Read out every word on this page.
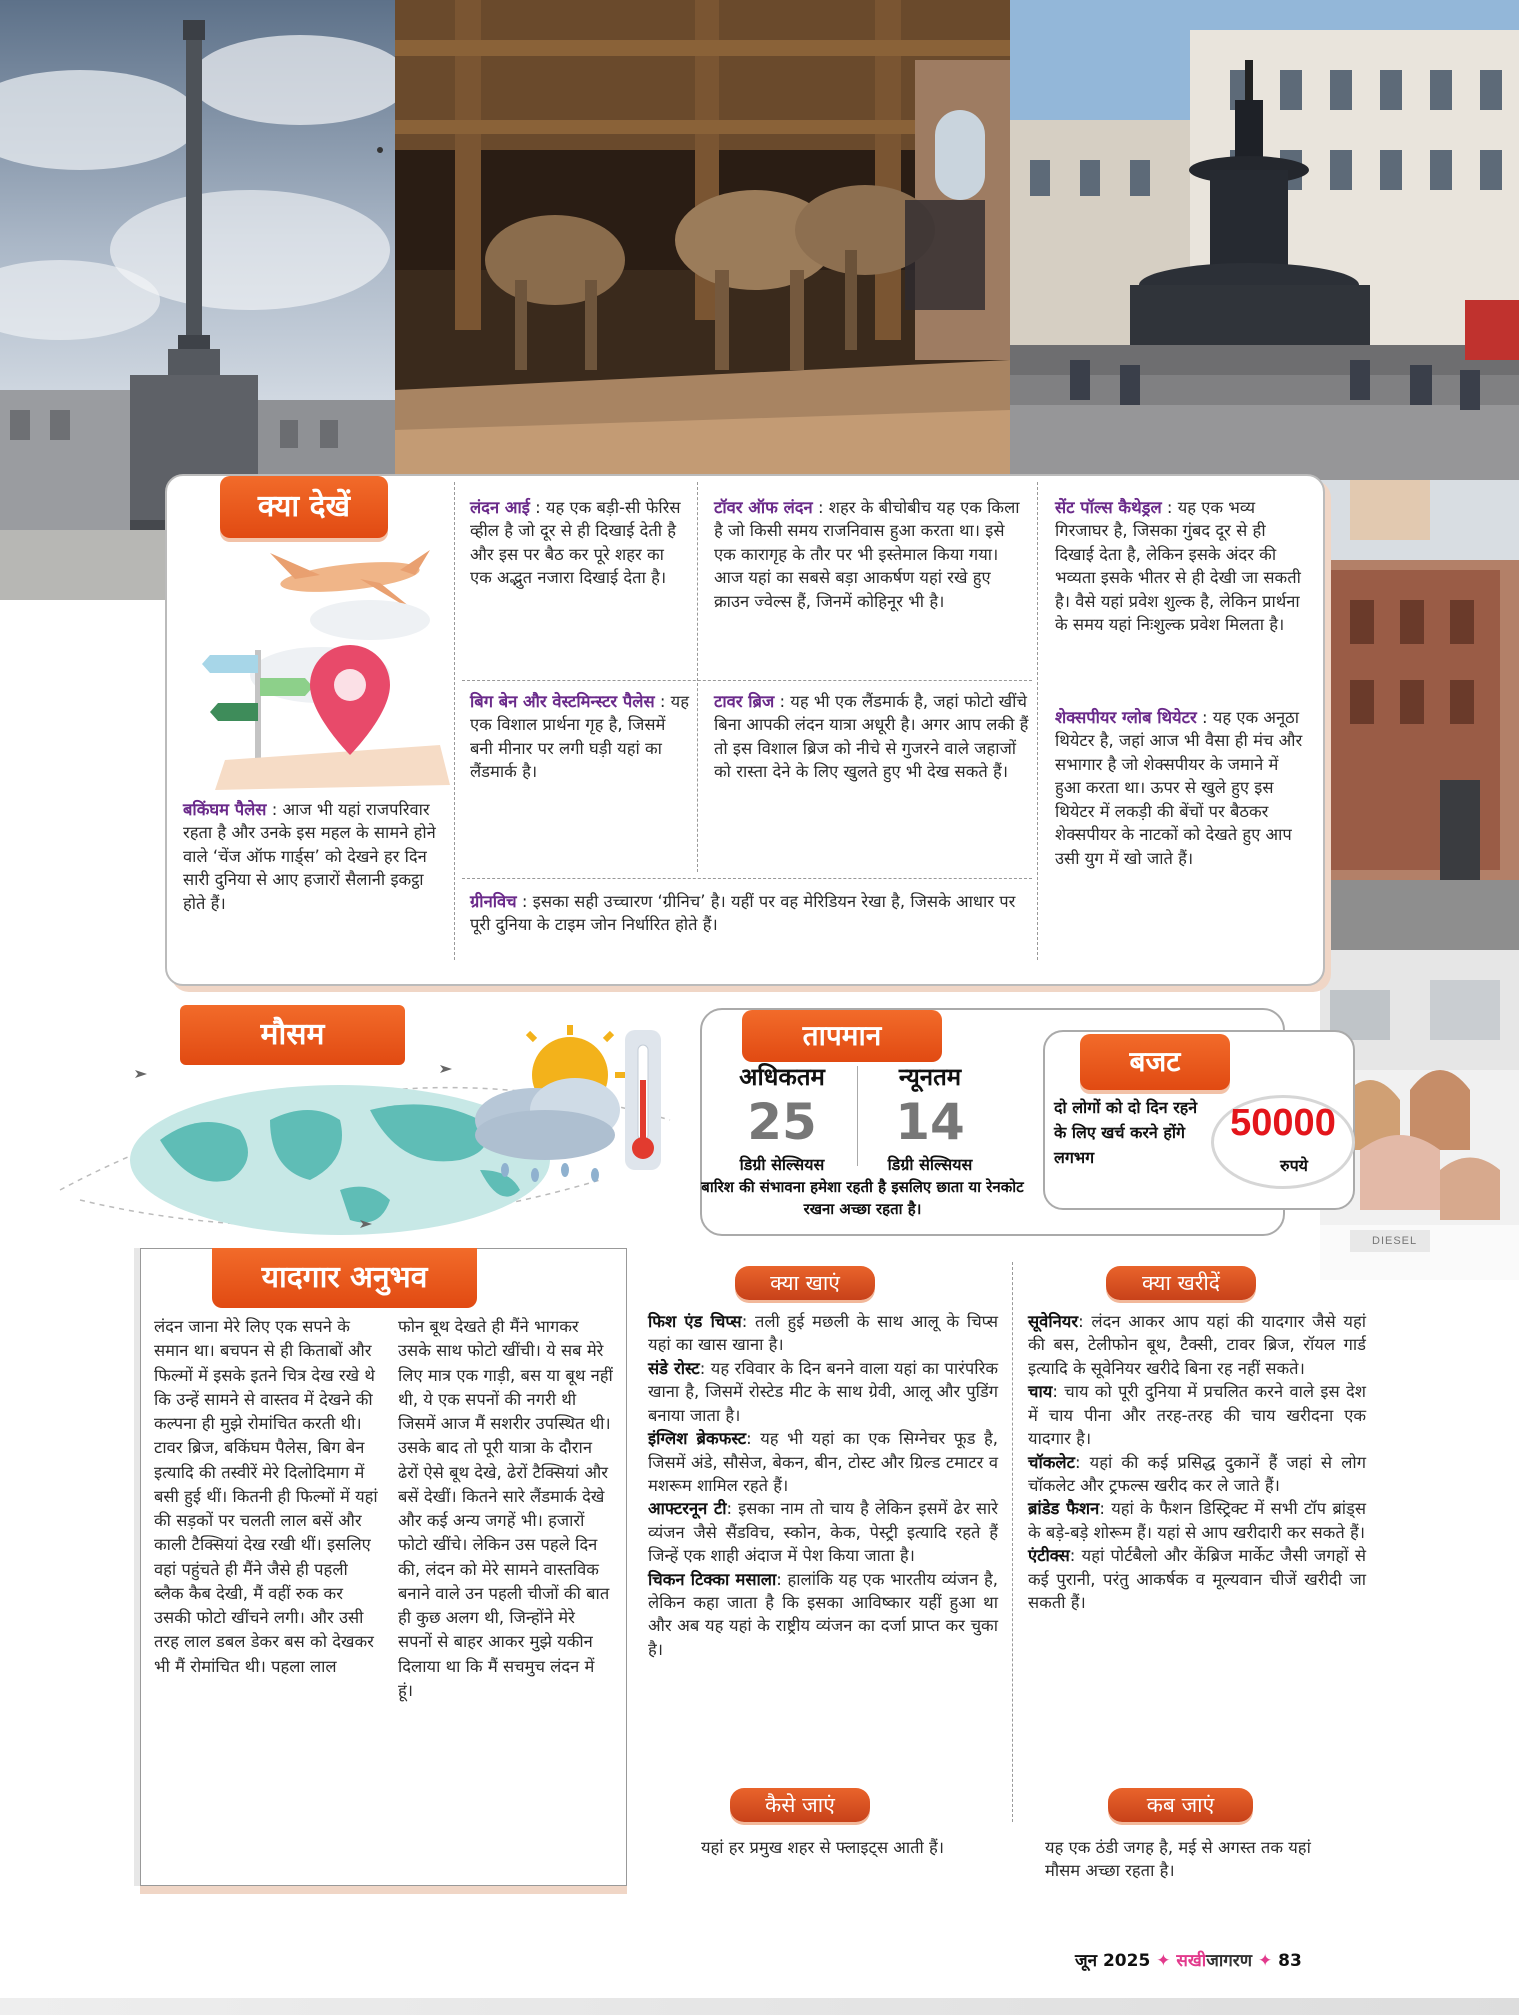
DIESEL
क्या देखें
बकिंघम पैलेस : आज भी यहां राजपरिवार रहता है और उनके इस महल के सामने होने वाले ‘चेंज ऑफ गार्ड्स’ को देखने हर दिन सारी दुनिया से आए हजारों सैलानी इकट्ठा होते हैं।
लंदन आई : यह एक बड़ी-सी फेरिस व्हील है जो दूर से ही दिखाई देती है और इस पर बैठ कर पूरे शहर का एक अद्भुत नजारा दिखाई देता है।
टॉवर ऑफ लंदन : शहर के बीचोबीच यह एक किला है जो किसी समय राजनिवास हुआ करता था। इसे एक कारागृह के तौर पर भी इस्तेमाल किया गया। आज यहां का सबसे बड़ा आकर्षण यहां रखे हुए क्राउन ज्वेल्स हैं, जिनमें कोहिनूर भी है।
सेंट पॉल्स कैथेड्रल : यह एक भव्य गिरजाघर है, जिसका गुंबद दूर से ही दिखाई देता है, लेकिन इसके अंदर की भव्यता इसके भीतर से ही देखी जा सकती है। वैसे यहां प्रवेश शुल्क है, लेकिन प्रार्थना के समय यहां निःशुल्क प्रवेश मिलता है।
बिग बेन और वेस्टमिन्स्टर पैलेस : यह एक विशाल प्रार्थना गृह है, जिसमें बनी मीनार पर लगी घड़ी यहां का लैंडमार्क है।
टावर ब्रिज : यह भी एक लैंडमार्क है, जहां फोटो खींचे बिना आपकी लंदन यात्रा अधूरी है। अगर आप लकी हैं तो इस विशाल ब्रिज को नीचे से गुजरने वाले जहाजों को रास्ता देने के लिए खुलते हुए भी देख सकते हैं।
शेक्सपीयर ग्लोब थियेटर : यह एक अनूठा थियेटर है, जहां आज भी वैसा ही मंच और सभागार है जो शेक्सपीयर के जमाने में हुआ करता था। ऊपर से खुले हुए इस थियेटर में लकड़ी की बेंचों पर बैठकर शेक्सपीयर के नाटकों को देखते हुए आप उसी युग में खो जाते हैं।
ग्रीनविच : इसका सही उच्चारण ‘ग्रीनिच’ है। यहीं पर वह मेरिडियन रेखा है, जिसके आधार पर पूरी दुनिया के टाइम जोन निर्धारित होते हैं।
मौसम	तापमान
अधिकतम
25
डिग्री सेल्सियस
न्यूनतम
14
डिग्री सेल्सियस
बारिश की संभावना हमेशा रहती है इसलिए छाता या रेनकोट रखना अच्छा रहता है।
बजट
दो लोगों को दो दिन रहने के लिए खर्च करने होंगे लगभग
50000
रुपये
यादगार अनुभव
लंदन जाना मेरे लिए एक सपने के समान था। बचपन से ही किताबों और फिल्मों में इसके इतने चित्र देख रखे थे कि उन्हें सामने से वास्तव में देखने की कल्पना ही मुझे रोमांचित करती थी। टावर ब्रिज, बकिंघम पैलेस, बिग बेन इत्यादि की तस्वीरें मेरे दिलोदिमाग में बसी हुई थीं। कितनी ही फिल्मों में यहां की सड़कों पर चलती लाल बसें और काली टैक्सियां देख रखी थीं। इसलिए वहां पहुंचते ही मैंने जैसे ही पहली ब्लैक कैब देखी, मैं वहीं रुक कर उसकी फोटो खींचने लगी। और उसी तरह लाल डबल डेकर बस को देखकर भी मैं रोमांचित थी। पहला लाल
फोन बूथ देखते ही मैंने भागकर उसके साथ फोटो खींची। ये सब मेरे लिए मात्र एक गाड़ी, बस या बूथ नहीं थी, ये एक सपनों की नगरी थी जिसमें आज मैं सशरीर उपस्थित थी। उसके बाद तो पूरी यात्रा के दौरान ढेरों ऐसे बूथ देखे, ढेरों टैक्सियां और बसें देखीं। कितने सारे लैंडमार्क देखे और कई अन्य जगहें भी। हजारों फोटो खींचे। लेकिन उस पहले दिन की, लंदन को मेरे सामने वास्तविक बनाने वाले उन पहली चीजों की बात ही कुछ अलग थी, जिन्होंने मेरे सपनों से बाहर आकर मुझे यकीन दिलाया था कि मैं सचमुच लंदन में हूं।
क्या खाएं
फिश एंड चिप्स: तली हुई मछली के साथ आलू के चिप्स यहां का खास खाना है।
संडे रोस्ट: यह रविवार के दिन बनने वाला यहां का पारंपरिक खाना है, जिसमें रोस्टेड मीट के साथ ग्रेवी, आलू और पुडिंग बनाया जाता है।
इंग्लिश ब्रेकफस्ट: यह भी यहां का एक सिग्नेचर फूड है, जिसमें अंडे, सौसेज, बेकन, बीन, टोस्ट और ग्रिल्ड टमाटर व मशरूम शामिल रहते हैं।
आफ्टरनून टी: इसका नाम तो चाय है लेकिन इसमें ढेर सारे व्यंजन जैसे सैंडविच, स्कोन, केक, पेस्ट्री इत्यादि रहते हैं जिन्हें एक शाही अंदाज में पेश किया जाता है।
चिकन टिक्का मसाला: हालांकि यह एक भारतीय व्यंजन है, लेकिन कहा जाता है कि इसका आविष्कार यहीं हुआ था और अब यह यहां के राष्ट्रीय व्यंजन का दर्जा प्राप्त कर चुका है।
कैसे जाएं
यहां हर प्रमुख शहर से फ्लाइट्स आती हैं।
क्या खरीदें
सूवेनियर: लंदन आकर आप यहां की यादगार जैसे यहां की बस, टेलीफोन बूथ, टैक्सी, टावर ब्रिज, रॉयल गार्ड इत्यादि के सूवेनियर खरीदे बिना रह नहीं सकते।
चाय: चाय को पूरी दुनिया में प्रचलित करने वाले इस देश में चाय पीना और तरह-तरह की चाय खरीदना एक यादगार है।
चॉकलेट: यहां की कई प्रसिद्ध दुकानें हैं जहां से लोग चॉकलेट और ट्रफल्स खरीद कर ले जाते हैं।
ब्रांडेड फैशन: यहां के फैशन डिस्ट्रिक्ट में सभी टॉप ब्रांड्स के बड़े-बड़े शोरूम हैं। यहां से आप खरीदारी कर सकते हैं।
एंटीक्स: यहां पोर्टबैलो और केंब्रिज मार्केट जैसी जगहों से कई पुरानी, परंतु आकर्षक व मूल्यवान चीजें खरीदी जा सकती हैं।
कब जाएं
यह एक ठंडी जगह है, मई से अगस्त तक यहां मौसम अच्छा रहता है।
जून 2025 ✦ सखीजागरण ✦ 83
